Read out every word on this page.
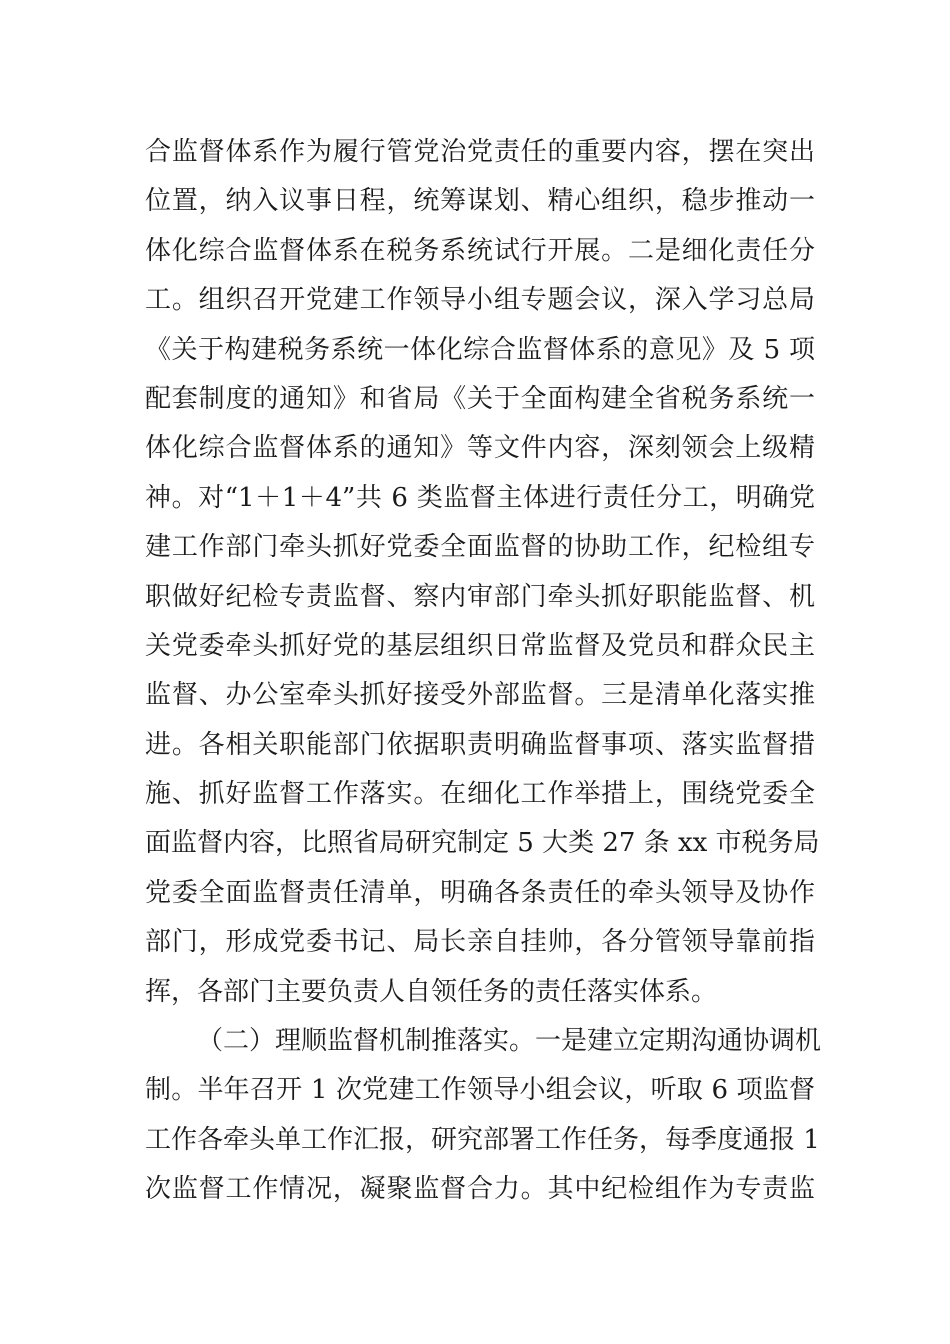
合监督体系作为履行管党治党责任的重要内容，摆在突出
位置，纳入议事日程，统筹谋划、精心组织，稳步推动一
体化综合监督体系在税务系统试行开展。二是细化责任分
工。组织召开党建工作领导小组专题会议，深入学习总局
《关于构建税务系统一体化综合监督体系的意见》及 5 项
配套制度的通知》和省局《关于全面构建全省税务系统一
体化综合监督体系的通知》等文件内容，深刻领会上级精
神。对“1＋1＋4”共 6 类监督主体进行责任分工，明确党
建工作部门牵头抓好党委全面监督的协助工作，纪检组专
职做好纪检专责监督、察内审部门牵头抓好职能监督、机
关党委牵头抓好党的基层组织日常监督及党员和群众民主
监督、办公室牵头抓好接受外部监督。三是清单化落实推
进。各相关职能部门依据职责明确监督事项、落实监督措
施、抓好监督工作落实。在细化工作举措上，围绕党委全
面监督内容，比照省局研究制定 5 大类 27 条 xx 市税务局
党委全面监督责任清单，明确各条责任的牵头领导及协作
部门，形成党委书记、局长亲自挂帅，各分管领导靠前指
挥，各部门主要负责人自领任务的责任落实体系。
（二）理顺监督机制推落实。一是建立定期沟通协调机
制。半年召开 1 次党建工作领导小组会议，听取 6 项监督
工作各牵头单工作汇报，研究部署工作任务，每季度通报 1
次监督工作情况，凝聚监督合力。其中纪检组作为专责监
